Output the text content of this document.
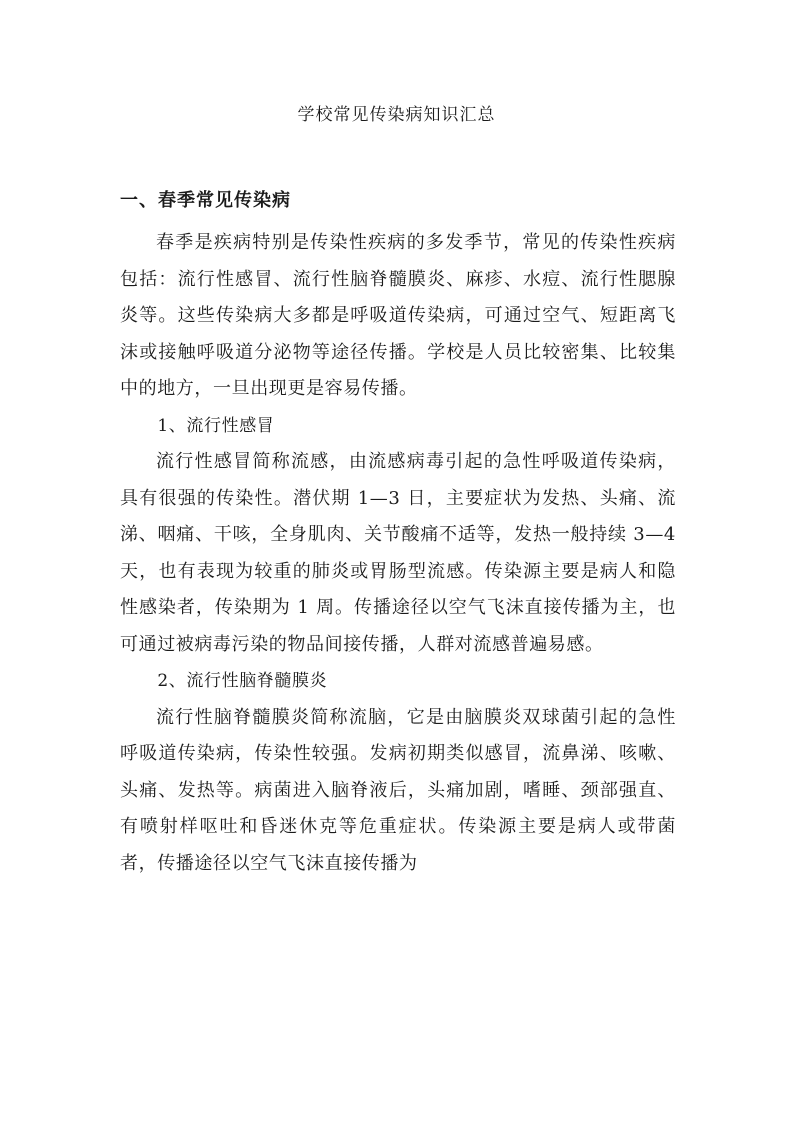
学校常见传染病知识汇总
一、春季常见传染病

春季是疾病特别是传染性疾病的多发季节，常见的传染性疾病包括：流行性感冒、流行性脑脊髓膜炎、麻疹、水痘、流行性腮腺炎等。这些传染病大多都是呼吸道传染病，可通过空气、短距离飞沫或接触呼吸道分泌物等途径传播。学校是人员比较密集、比较集中的地方，一旦出现更是容易传播。

1、流行性感冒

流行性感冒简称流感，由流感病毒引起的急性呼吸道传染病，具有很强的传染性。潜伏期 1—3 日，主要症状为发热、头痛、流涕、咽痛、干咳，全身肌肉、关节酸痛不适等，发热一般持续 3—4 天，也有表现为较重的肺炎或胃肠型流感。传染源主要是病人和隐性感染者，传染期为 1 周。传播途径以空气飞沫直接传播为主，也可通过被病毒污染的物品间接传播，人群对流感普遍易感。

2、流行性脑脊髓膜炎

流行性脑脊髓膜炎简称流脑，它是由脑膜炎双球菌引起的急性呼吸道传染病，传染性较强。发病初期类似感冒，流鼻涕、咳嗽、头痛、发热等。病菌进入脑脊液后，头痛加剧，嗜睡、颈部强直、有喷射样呕吐和昏迷休克等危重症状。传染源主要是病人或带菌者，传播途径以空气飞沫直接传播为
